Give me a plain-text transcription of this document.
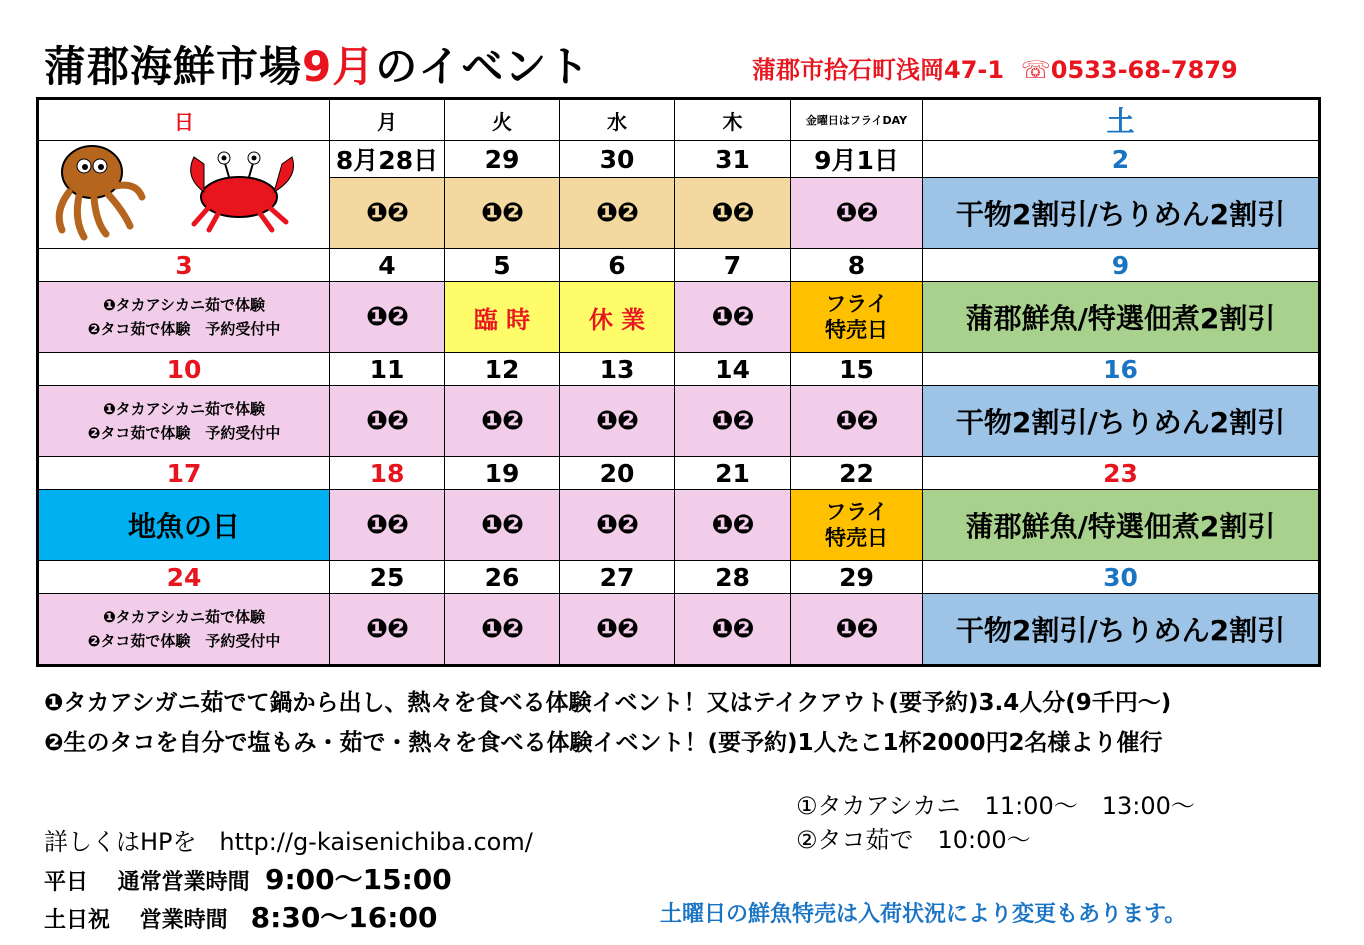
蒲郡海鮮市場9月のイベント	蒲郡市拾石町浅岡47-1 ☏0533-68-7879
日	月	火	水	木	金曜日はフライDAY	土
	8月28日	29	30	31	9月1日	2
	❶❷	❶❷	❶❷	❶❷	❶❷	干物2割引/ちりめん2割引
3	4	5	6	7	8	9
❶タカアシカニ茹で体験
❷タコ茹で体験　予約受付中	❶❷	臨 時	休 業	❶❷	フライ
特売日	蒲郡鮮魚/特選佃煮2割引
10	11	12	13	14	15	16
❶タカアシカニ茹で体験
❷タコ茹で体験　予約受付中	❶❷	❶❷	❶❷	❶❷	❶❷	干物2割引/ちりめん2割引
17	18	19	20	21	22	23
地魚の日	❶❷	❶❷	❶❷	❶❷	フライ
特売日	蒲郡鮮魚/特選佃煮2割引
24	25	26	27	28	29	30
❶タカアシカニ茹で体験
❷タコ茹で体験　予約受付中	❶❷	❶❷	❶❷	❶❷	❶❷	干物2割引/ちりめん2割引
❶タカアシガニ茹でて鍋から出し、熱々を食べる体験イベント！又はテイクアウト(要予約)3.4人分(9千円～)
❷生のタコを自分で塩もみ・茹で・熱々を食べる体験イベント！(要予約)1人たこ1杯2000円2名様より催行
①タカアシカニ　11:00～　13:00～
②タコ茹で　10:00～
詳しくはHPを http://g-kaisenichiba.com/
平日　 通常営業時間 9:00～15:00
土日祝　 営業時間 8:30～16:00	土曜日の鮮魚特売は入荷状況により変更もあります。
